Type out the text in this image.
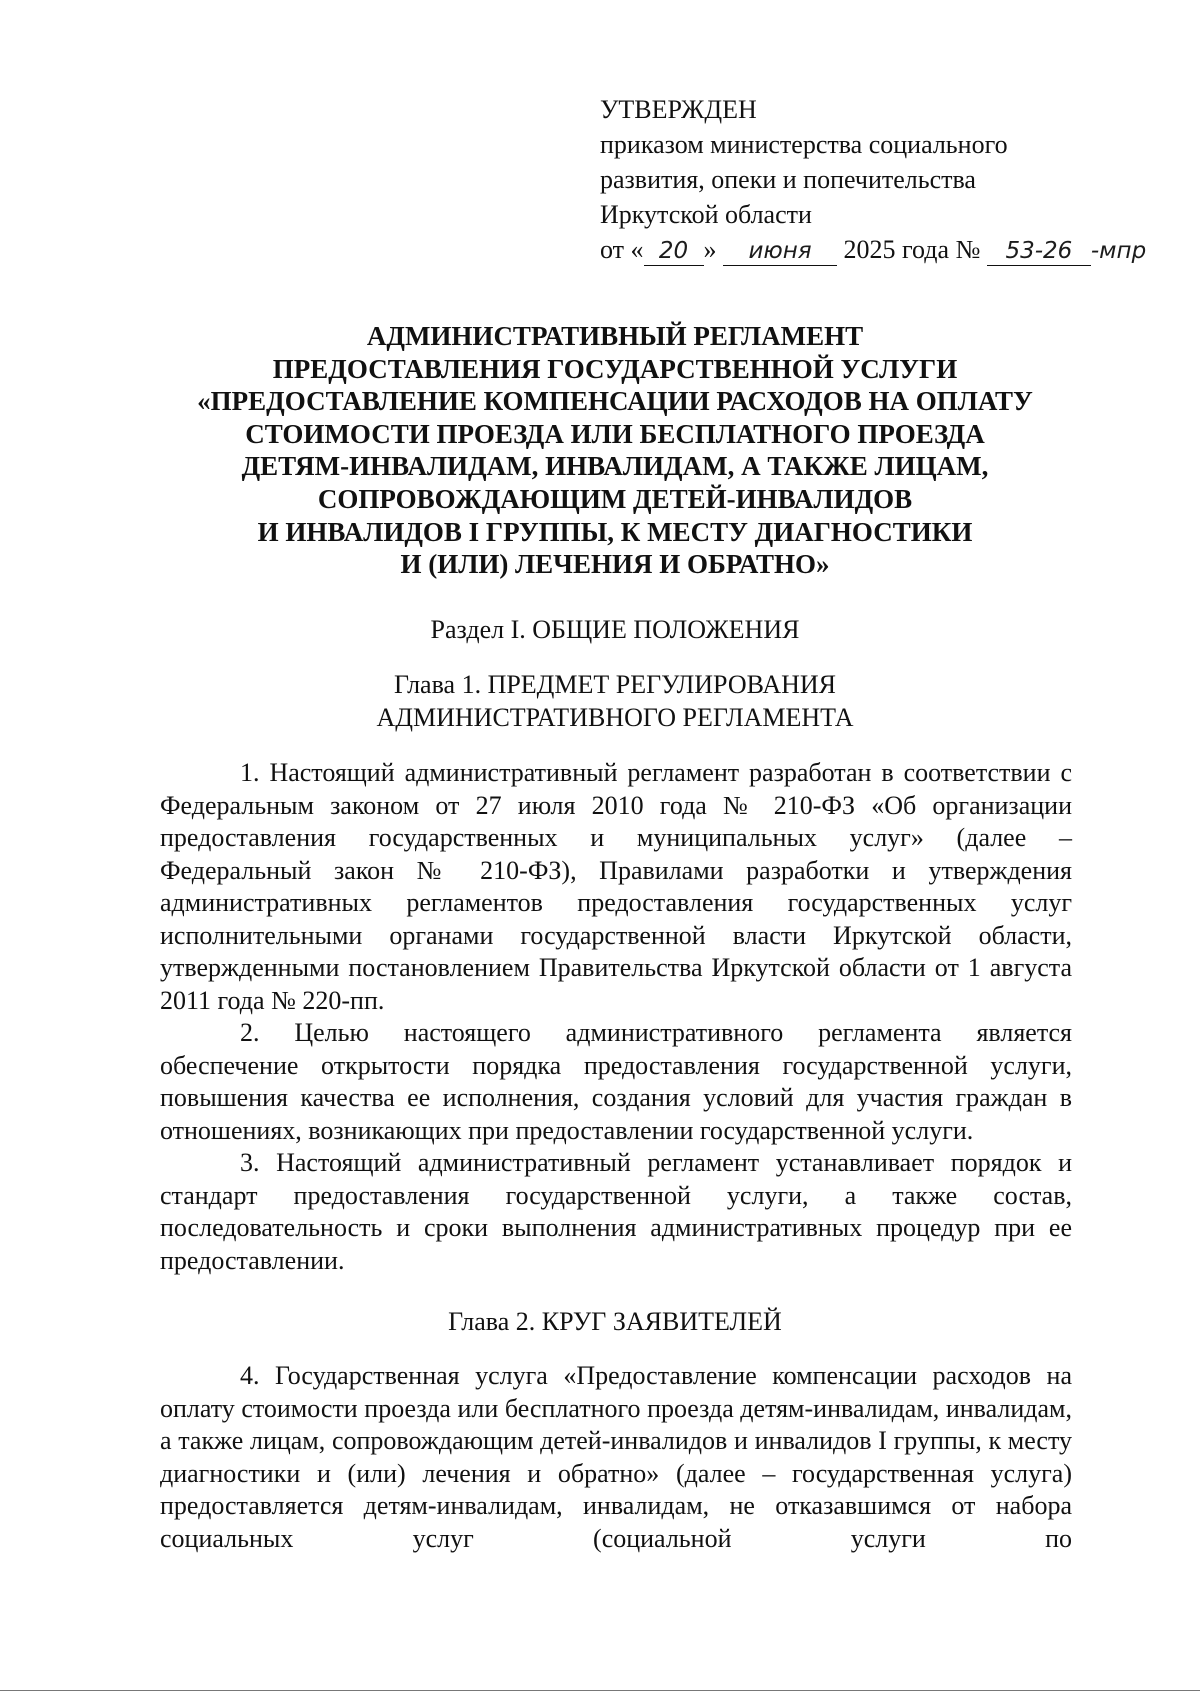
УТВЕРЖДЕН
приказом министерства социального
развития, опеки и попечительства
Иркутской области
от « 20 » июня 2025 года № 53-26 -мпр
АДМИНИСТРАТИВНЫЙ РЕГЛАМЕНТ
ПРЕДОСТАВЛЕНИЯ ГОСУДАРСТВЕННОЙ УСЛУГИ
«ПРЕДОСТАВЛЕНИЕ КОМПЕНСАЦИИ РАСХОДОВ НА ОПЛАТУ
СТОИМОСТИ ПРОЕЗДА ИЛИ БЕСПЛАТНОГО ПРОЕЗДА
ДЕТЯМ-ИНВАЛИДАМ, ИНВАЛИДАМ, А ТАКЖЕ ЛИЦАМ,
СОПРОВОЖДАЮЩИМ ДЕТЕЙ-ИНВАЛИДОВ
И ИНВАЛИДОВ I ГРУППЫ, К МЕСТУ ДИАГНОСТИКИ
И (ИЛИ) ЛЕЧЕНИЯ И ОБРАТНО»
Раздел I. ОБЩИЕ ПОЛОЖЕНИЯ
Глава 1. ПРЕДМЕТ РЕГУЛИРОВАНИЯ
АДМИНИСТРАТИВНОГО РЕГЛАМЕНТА

1. Настоящий административный регламент разработан в соответствии с Федеральным законом от 27 июля 2010 года № 210-ФЗ «Об организации предоставления государственных и муниципальных услуг» (далее – Федеральный закон № 210-ФЗ), Правилами разработки и утверждения административных регламентов предоставления государственных услуг исполнительными органами государственной власти Иркутской области, утвержденными постановлением Правительства Иркутской области от 1 августа 2011 года № 220-пп.

2. Целью настоящего административного регламента является обеспечение открытости порядка предоставления государственной услуги, повышения качества ее исполнения, создания условий для участия граждан в отношениях, возникающих при предоставлении государственной услуги.

3. Настоящий административный регламент устанавливает порядок и стандарт предоставления государственной услуги, а также состав, последовательность и сроки выполнения административных процедур при ее предоставлении.

Глава 2. КРУГ ЗАЯВИТЕЛЕЙ

4. Государственная услуга «Предоставление компенсации расходов на оплату стоимости проезда или бесплатного проезда детям-инвалидам, инвалидам, а также лицам, сопровождающим детей-инвалидов и инвалидов I группы, к месту диагностики и (или) лечения и обратно» (далее – государственная услуга) предоставляется детям-инвалидам, инвалидам, не отказавшимся от набора социальных услуг (социальной услуги по
